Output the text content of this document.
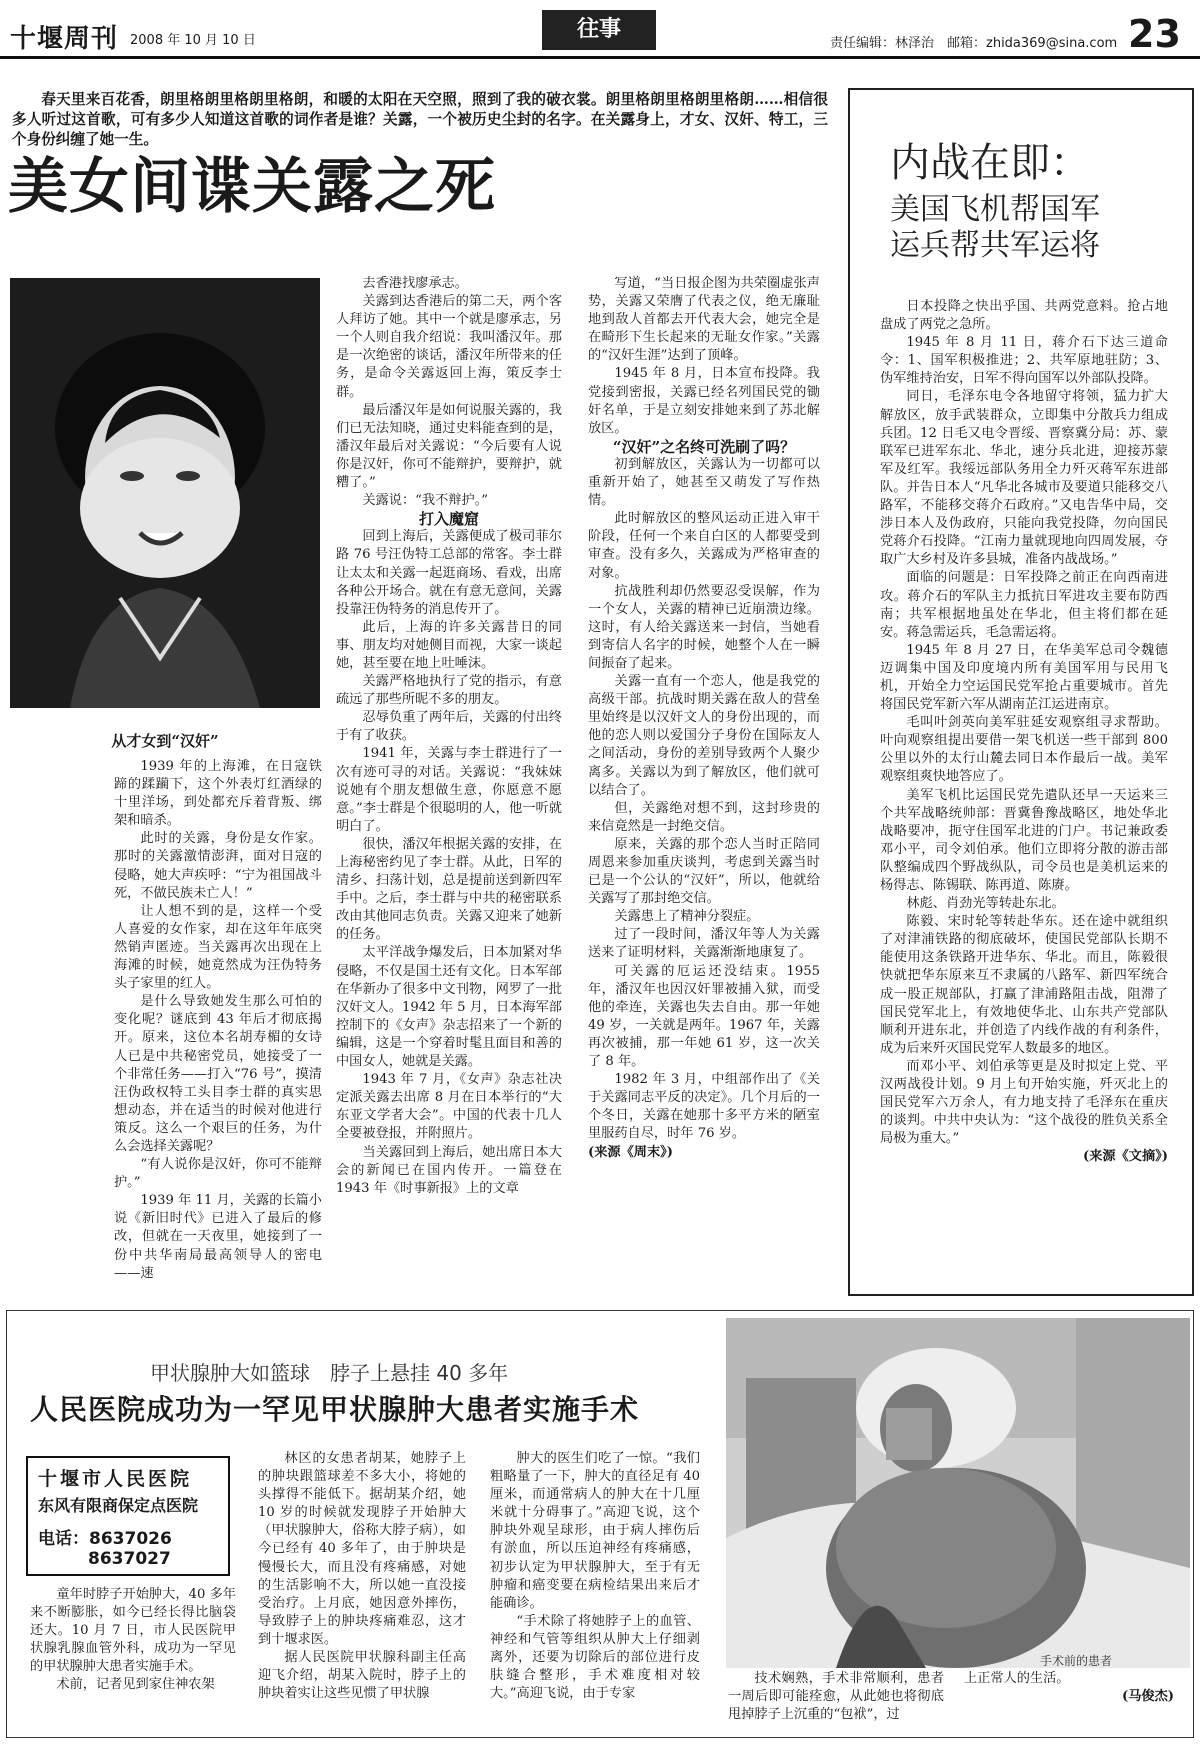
十堰周刊 2008 年 10 月 10 日	往事
责任编辑：林泽治　邮箱：zhida369@sina.com 23
春天里来百花香，朗里格朗里格朗里格朗，和暖的太阳在天空照，照到了我的破衣裳。朗里格朗里格朗里格朗……相信很多人听过这首歌，可有多少人知道这首歌的词作者是谁？关露，一个被历史尘封的名字。在关露身上，才女、汉奸、特工，三个身份纠缠了她一生。
美女间谍关露之死
从才女到“汉奸”

1939 年的上海滩，在日寇铁蹄的蹂躏下，这个外表灯红酒绿的十里洋场，到处都充斥着背叛、绑架和暗杀。

此时的关露，身份是女作家。那时的关露激情澎湃，面对日寇的侵略，她大声疾呼：“宁为祖国战斗死，不做民族未亡人！”

让人想不到的是，这样一个受人喜爱的女作家，却在这年年底突然销声匿迹。当关露再次出现在上海滩的时候，她竟然成为汪伪特务头子家里的红人。

是什么导致她发生那么可怕的变化呢？谜底到 43 年后才彻底揭开。原来，这位本名胡寿楣的女诗人已是中共秘密党员，她接受了一个非常任务——打入“76 号”，摸清汪伪政权特工头目李士群的真实思想动态，并在适当的时候对他进行策反。这么一个艰巨的任务，为什么会选择关露呢？

“有人说你是汉奸，你可不能辩护。”

1939 年 11 月，关露的长篇小说《新旧时代》已进入了最后的修改，但就在一天夜里，她接到了一份中共华南局最高领导人的密电——速

去香港找廖承志。

关露到达香港后的第二天，两个客人拜访了她。其中一个就是廖承志，另一个人则自我介绍说：我叫潘汉年。那是一次绝密的谈话，潘汉年所带来的任务，是命令关露返回上海，策反李士群。

最后潘汉年是如何说服关露的，我们已无法知晓，通过史料能查到的是，潘汉年最后对关露说：“今后要有人说你是汉奸，你可不能辩护，要辩护，就糟了。”

关露说：“我不辩护。”

打入魔窟

回到上海后，关露便成了极司菲尔路 76 号汪伪特工总部的常客。李士群让太太和关露一起逛商场、看戏，出席各种公开场合。就在有意无意间，关露投靠汪伪特务的消息传开了。

此后，上海的许多关露昔日的同事、朋友均对她侧目而视，大家一谈起她，甚至要在地上吐唾沫。

关露严格地执行了党的指示，有意疏远了那些所昵不多的朋友。

忍辱负重了两年后，关露的付出终于有了收获。

1941 年，关露与李士群进行了一次有迹可寻的对话。关露说：“我妹妹说她有个朋友想做生意，你愿意不愿意。”李士群是个很聪明的人，他一听就明白了。

很快，潘汉年根据关露的安排，在上海秘密约见了李士群。从此，日军的清乡、扫荡计划，总是提前送到新四军手中。之后，李士群与中共的秘密联系改由其他同志负责。关露又迎来了她新的任务。

太平洋战争爆发后，日本加紧对华侵略，不仅是国土还有文化。日本军部在华新办了很多中文刊物，网罗了一批汉奸文人。1942 年 5 月，日本海军部控制下的《女声》杂志招来了一个新的编辑，这是一个穿着时髦且面目和善的中国女人，她就是关露。

1943 年 7 月，《女声》杂志社决定派关露去出席 8 月在日本举行的“大东亚文学者大会”。中国的代表十几人全要被登报，并附照片。

当关露回到上海后，她出席日本大会的新闻已在国内传开。一篇登在 1943 年《时事新报》上的文章

写道，“当日报企图为共荣圈虚张声势，关露又荣膺了代表之仪，绝无廉耻地到敌人首都去开代表大会，她完全是在畸形下生长起来的无耻女作家。”关露的“汉奸生涯”达到了顶峰。

1945 年 8 月，日本宣布投降。我党接到密报，关露已经名列国民党的锄奸名单，于是立刻安排她来到了苏北解放区。

“汉奸”之名终可洗刷了吗？

初到解放区，关露认为一切都可以重新开始了，她甚至又萌发了写作热情。

此时解放区的整风运动正进入审干阶段，任何一个来自白区的人都要受到审查。没有多久，关露成为严格审查的对象。

抗战胜利却仍然要忍受误解，作为一个女人，关露的精神已近崩溃边缘。这时，有人给关露送来一封信，当她看到寄信人名字的时候，她整个人在一瞬间振奋了起来。

关露一直有一个恋人，他是我党的高级干部。抗战时期关露在敌人的营垒里始终是以汉奸文人的身份出现的，而他的恋人则以爱国分子身份在国际友人之间活动，身份的差别导致两个人聚少离多。关露以为到了解放区，他们就可以结合了。

但，关露绝对想不到，这封珍贵的来信竟然是一封绝交信。

原来，关露的那个恋人当时正陪同周恩来参加重庆谈判，考虑到关露当时已是一个公认的“汉奸”，所以，他就给关露写了那封绝交信。

关露患上了精神分裂症。

过了一段时间，潘汉年等人为关露送来了证明材料，关露渐渐地康复了。

可关露的厄运还没结束。1955 年，潘汉年也因汉奸罪被捕入狱，而受他的牵连，关露也失去自由。那一年她 49 岁，一关就是两年。1967 年，关露再次被捕，那一年她 61 岁，这一次关了 8 年。

1982 年 3 月，中组部作出了《关于关露同志平反的决定》。几个月后的一个冬日，关露在她那十多平方米的陋室里服药自尽，时年 76 岁。

(来源《周末》)

内战在即：
美国飞机帮国军
运兵帮共军运将

日本投降之快出乎国、共两党意料。抢占地盘成了两党之急所。

1945 年 8 月 11 日，蒋介石下达三道命令：1、国军积极推进；2、共军原地驻防；3、伪军维持治安，日军不得向国军以外部队投降。

同日，毛泽东电令各地留守将领，猛力扩大解放区，放手武装群众，立即集中分散兵力组成兵团。12 日毛又电令晋绥、晋察冀分局：苏、蒙联军已进军东北、华北，速分兵北进，迎接苏蒙军及红军。我绥远部队务用全力歼灭蒋军东进部队。并告日本人“凡华北各城市及要道只能移交八路军，不能移交蒋介石政府。”又电告华中局，交涉日本人及伪政府，只能向我党投降，勿向国民党蒋介石投降。“江南力量就现地向四周发展，夺取广大乡村及许多县城，准备内战战场。”

面临的问题是：日军投降之前正在向西南进攻。蒋介石的军队主力抵抗日军进攻主要布防西南；共军根据地虽处在华北，但主将们都在延安。蒋急需运兵，毛急需运将。

1945 年 8 月 27 日，在华美军总司令魏德迈调集中国及印度境内所有美国军用与民用飞机，开始全力空运国民党军抢占重要城市。首先将国民党军新六军从湖南芷江运进南京。

毛叫叶剑英向美军驻延安观察组寻求帮助。叶向观察组提出要借一架飞机送一些干部到 800 公里以外的太行山麓去同日本作最后一战。美军观察组爽快地答应了。

美军飞机比运国民党先遣队还早一天运来三个共军战略统帅部：晋冀鲁豫战略区，地处华北战略要冲，扼守住国军北进的门户。书记兼政委邓小平，司令刘伯承。他们立即将分散的游击部队整编成四个野战纵队，司令员也是美机运来的杨得志、陈锡联、陈再道、陈赓。

林彪、肖劲光等转赴东北。

陈毅、宋时轮等转赴华东。还在途中就组织了对津浦铁路的彻底破坏，使国民党部队长期不能使用这条铁路开进华东、华北。而且，陈毅很快就把华东原来互不隶属的八路军、新四军统合成一股正规部队，打赢了津浦路阻击战，阻滞了国民党军北上，有效地使华北、山东共产党部队顺利开进东北，并创造了内线作战的有利条件，成为后来歼灭国民党军人数最多的地区。

而邓小平、刘伯承等更是及时拟定上党、平汉两战役计划。9 月上旬开始实施，歼灭北上的国民党军六万余人，有力地支持了毛泽东在重庆的谈判。中共中央认为：“这个战役的胜负关系全局极为重大。”

(来源《文摘》)

甲状腺肿大如篮球　脖子上悬挂 40 多年
人民医院成功为一罕见甲状腺肿大患者实施手术
十堰市人民医院
东风有限商保定点医院
电话：8637026
8637027

童年时脖子开始肿大，40 多年来不断膨胀，如今已经长得比脑袋还大。10 月 7 日，市人民医院甲状腺乳腺血管外科，成功为一罕见的甲状腺肿大患者实施手术。

术前，记者见到家住神农架

林区的女患者胡某，她脖子上的肿块跟篮球差不多大小，将她的头撑得不能低下。据胡某介绍，她 10 岁的时候就发现脖子开始肿大（甲状腺肿大，俗称大脖子病），如今已经有 40 多年了，由于肿块是慢慢长大，而且没有疼痛感，对她的生活影响不大，所以她一直没接受治疗。上月底，她因意外摔伤，导致脖子上的肿块疼痛难忍，这才到十堰求医。

据人民医院甲状腺科副主任高迎飞介绍，胡某入院时，脖子上的肿块着实让这些见惯了甲状腺

肿大的医生们吃了一惊。“我们粗略量了一下，肿大的直径足有 40 厘米，而通常病人的肿大在十几厘米就十分碍事了。”高迎飞说，这个肿块外观呈球形，由于病人摔伤后有淤血，所以压迫神经有疼痛感，初步认定为甲状腺肿大，至于有无肿瘤和癌变要在病检结果出来后才能确诊。

“手术除了将她脖子上的血管、神经和气管等组织从肿大上仔细剥离外，还要为切除后的部位进行皮肤缝合整形，手术难度相对较大。”高迎飞说，由于专家

手术前的患者

技术娴熟，手术非常顺利，患者一周后即可能痊愈，从此她也将彻底甩掉脖子上沉重的“包袱”，过

上正常人的生活。

(马俊杰)
